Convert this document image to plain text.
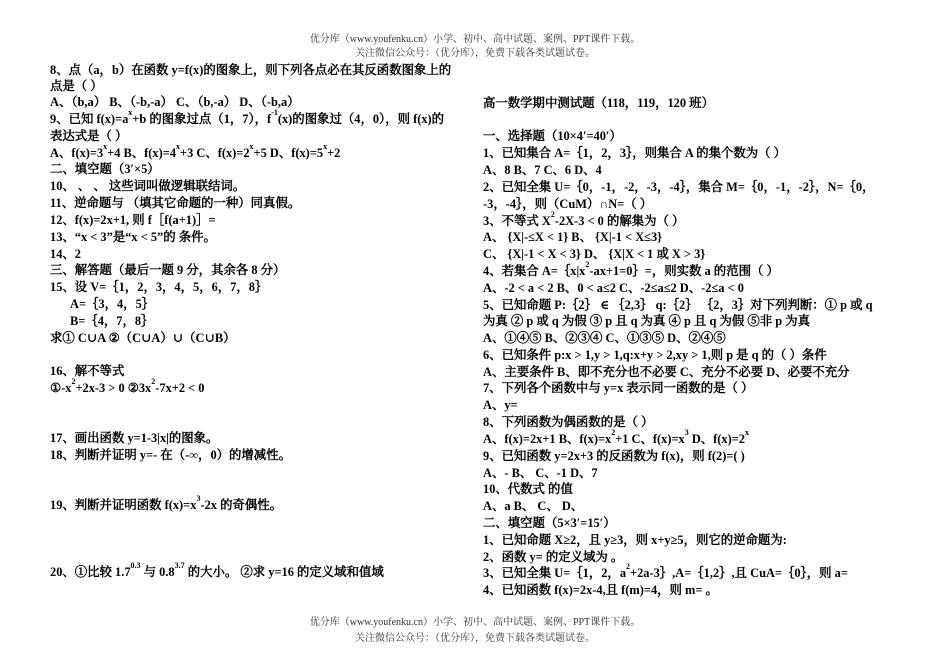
优分库（www.youfenku.cn）小学、初中、高中试题、案例、PPT课件下载。
关注微信公众号：（优分库），免费下载各类试题试卷。
8、点（a，b）在函数 y=f(x)的图象上，则下列各点必在其反函数图象上的
点是（ ）
A、（b,a） B、（-b,-a） C、（b,-a） D、（-b,a）
9、已知 $f(x)=a^x+b$ 的图象过点（1，7），$f^{-1}(x)$的图象过（4，0），则 f(x)的
表达式是（ ）
A、$f(x)=3^x+4$ B、$f(x)=4^x+3$ C、$f(x)=2^x+5$ D、$f(x)=5^x+2$
二、填空题（3′×5）
10、 、 、 这些词叫做逻辑联结词。
11、逆命题与 （填其它命题的一种）同真假。
12、f(x)=2x+1, 则 f［f(a+1)］=
13、“x < 3”是“x < 5”的 条件。
14、2
三、解答题（最后一题 9 分，其余各 8 分）
15、设 V=｛1，2，3，4，5，6，7，8｝
A=｛3，4，5｝
B=｛4，7，8｝
求① C∪A ②（C∪A）∪（C∪B）
16、解不等式
$①-x^2+2x-3 > 0$ $②3x^2-7x+2 < 0$
17、画出函数 y=1-3|x|的图象。
18、判断并证明 y=- 在（-∞，0）的增减性。
19、判断并证明函数 $f(x)=x^3-2x$ 的奇偶性。
20、①比较 $1.7^{0.3}$ 与 $0.8^{3.7}$ 的大小。 ②求 y=16 的定义域和值域
高一数学期中测试题（118，119，120 班）
一、选择题（10×4′=40′）
1、已知集合 A=｛1，2，3｝，则集合 A 的集个数为（ ）
A、8 B、7 C、6 D、4
2、已知全集 U=｛0，-1，-2，-3，-4｝，集合 M=｛0，-1，-2｝，N=｛0，
-3，-4｝，则（CuM）∩N=（ ）
3、不等式 $X^2-2X-3 < 0$ 的解集为（ ）
A、 {X|-≤X < 1} B、 {X|-1 < X≤3}
C、 {X|-1 < X < 3} D、 {X|X < 1 或 X > 3}
4、若集合 $A=\{x|x^2-ax+1=0\}=$，则实数 a 的范围（ ）
A、-2 < a < 2 B、0 < a≤2 C、-2≤a≤2 D、-2≤a < 0
5、已知命题 P:｛2｝ ∈ ｛2,3｝ q:｛2｝ ｛2，3｝对下列判断：① p 或 q
为真 ② p 或 q 为假 ③ p 且 q 为真 ④ p 且 q 为假 ⑤非 p 为真
A、①④⑤ B、②③④ C、①③⑤ D、②④⑤
6、已知条件 p:x > 1,y > 1,q:x+y > 2,xy > 1,则 p 是 q 的（ ）条件
A、主要条件 B、即不充分也不必要 C、充分不必要 D、必要不充分
7、下列各个函数中与 y=x 表示同一函数的是（ ）
A、y=
8、下列函数为偶函数的是（ ）
A、f(x)=2x+1 B、$f(x)=x^2+1$ C、$f(x)=x^3$ D、$f(x)=2^x$
9、已知函数 y=2x+3 的反函数为 f(x)，则 f(2)=( )
A、- B、 C、-1 D、7
10、代数式 的值
A、a B、 C、 D、
二、填空题（5×3′=15′）
1、已知命题 X≥2，且 y≥3，则 x+y≥5，则它的逆命题为:
2、函数 y= 的定义域为 。
3、已知全集 U=｛1，2，$a^2+2a-3\},A=\{1,2\}$,且 CuA=｛0｝，则 a=
4、已知函数 f(x)=2x-4,且 f(m)=4，则 m= 。
优分库（www.youfenku.cn）小学、初中、高中试题、案例、PPT课件下载。
关注微信公众号：（优分库），免费下载各类试题试卷。
